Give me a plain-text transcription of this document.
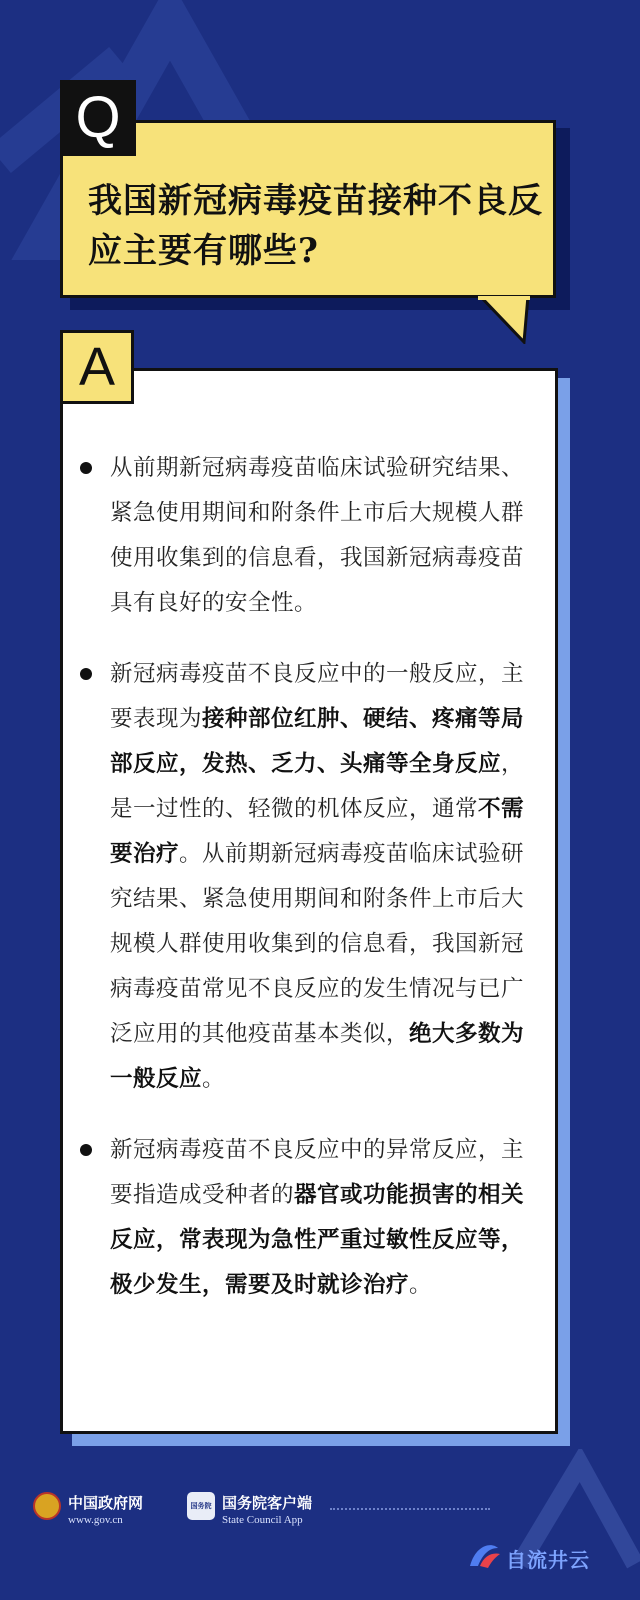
Q
我国新冠病毒疫苗接种不良反应主要有哪些?
A
从前期新冠病毒疫苗临床试验研究结果、紧急使用期间和附条件上市后大规模人群使用收集到的信息看，我国新冠病毒疫苗具有良好的安全性。
新冠病毒疫苗不良反应中的一般反应，主要表现为接种部位红肿、硬结、疼痛等局部反应，发热、乏力、头痛等全身反应，是一过性的、轻微的机体反应，通常不需要治疗。从前期新冠病毒疫苗临床试验研究结果、紧急使用期间和附条件上市后大规模人群使用收集到的信息看，我国新冠病毒疫苗常见不良反应的发生情况与已广泛应用的其他疫苗基本类似，绝大多数为一般反应。
新冠病毒疫苗不良反应中的异常反应，主要指造成受种者的器官或功能损害的相关反应，常表现为急性严重过敏性反应等，极少发生，需要及时就诊治疗。
中国政府网
www.gov.cn
国务院 国务院客户端
State Council App
自流井云
